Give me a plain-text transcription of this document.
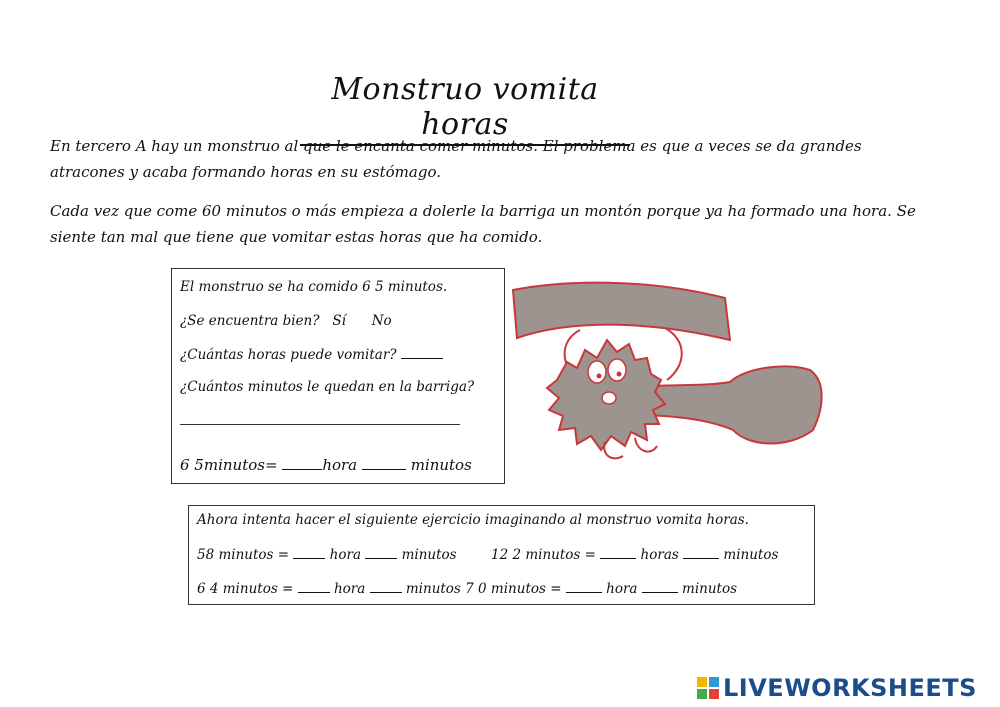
Monstruo vomita horas

En tercero A hay un monstruo al que le encanta comer minutos. El problema es que a veces se da grandes atracones y acaba formando horas en su estómago.

Cada vez que come 60 minutos o más empieza a dolerle la barriga un montón porque ya ha formado una hora. Se siente tan mal que tiene que vomitar estas horas que ha comido.

El monstruo se ha comido 6 5 minutos.
¿Se encuentra bien? Sí No
¿Cuántas horas puede vomitar?
¿Cuántos minutos le quedan en la barriga?
6 5minutos=	hora	minutos
Ahora intenta hacer el siguiente ejercicio imaginando al monstruo vomita horas.
58 minutos =	hora	minutos	12 2 minutos =	horas	minutos
6 4 minutos =	hora	minutos 7 0 minutos =	hora	minutos
LIVEWORKSHEETS
